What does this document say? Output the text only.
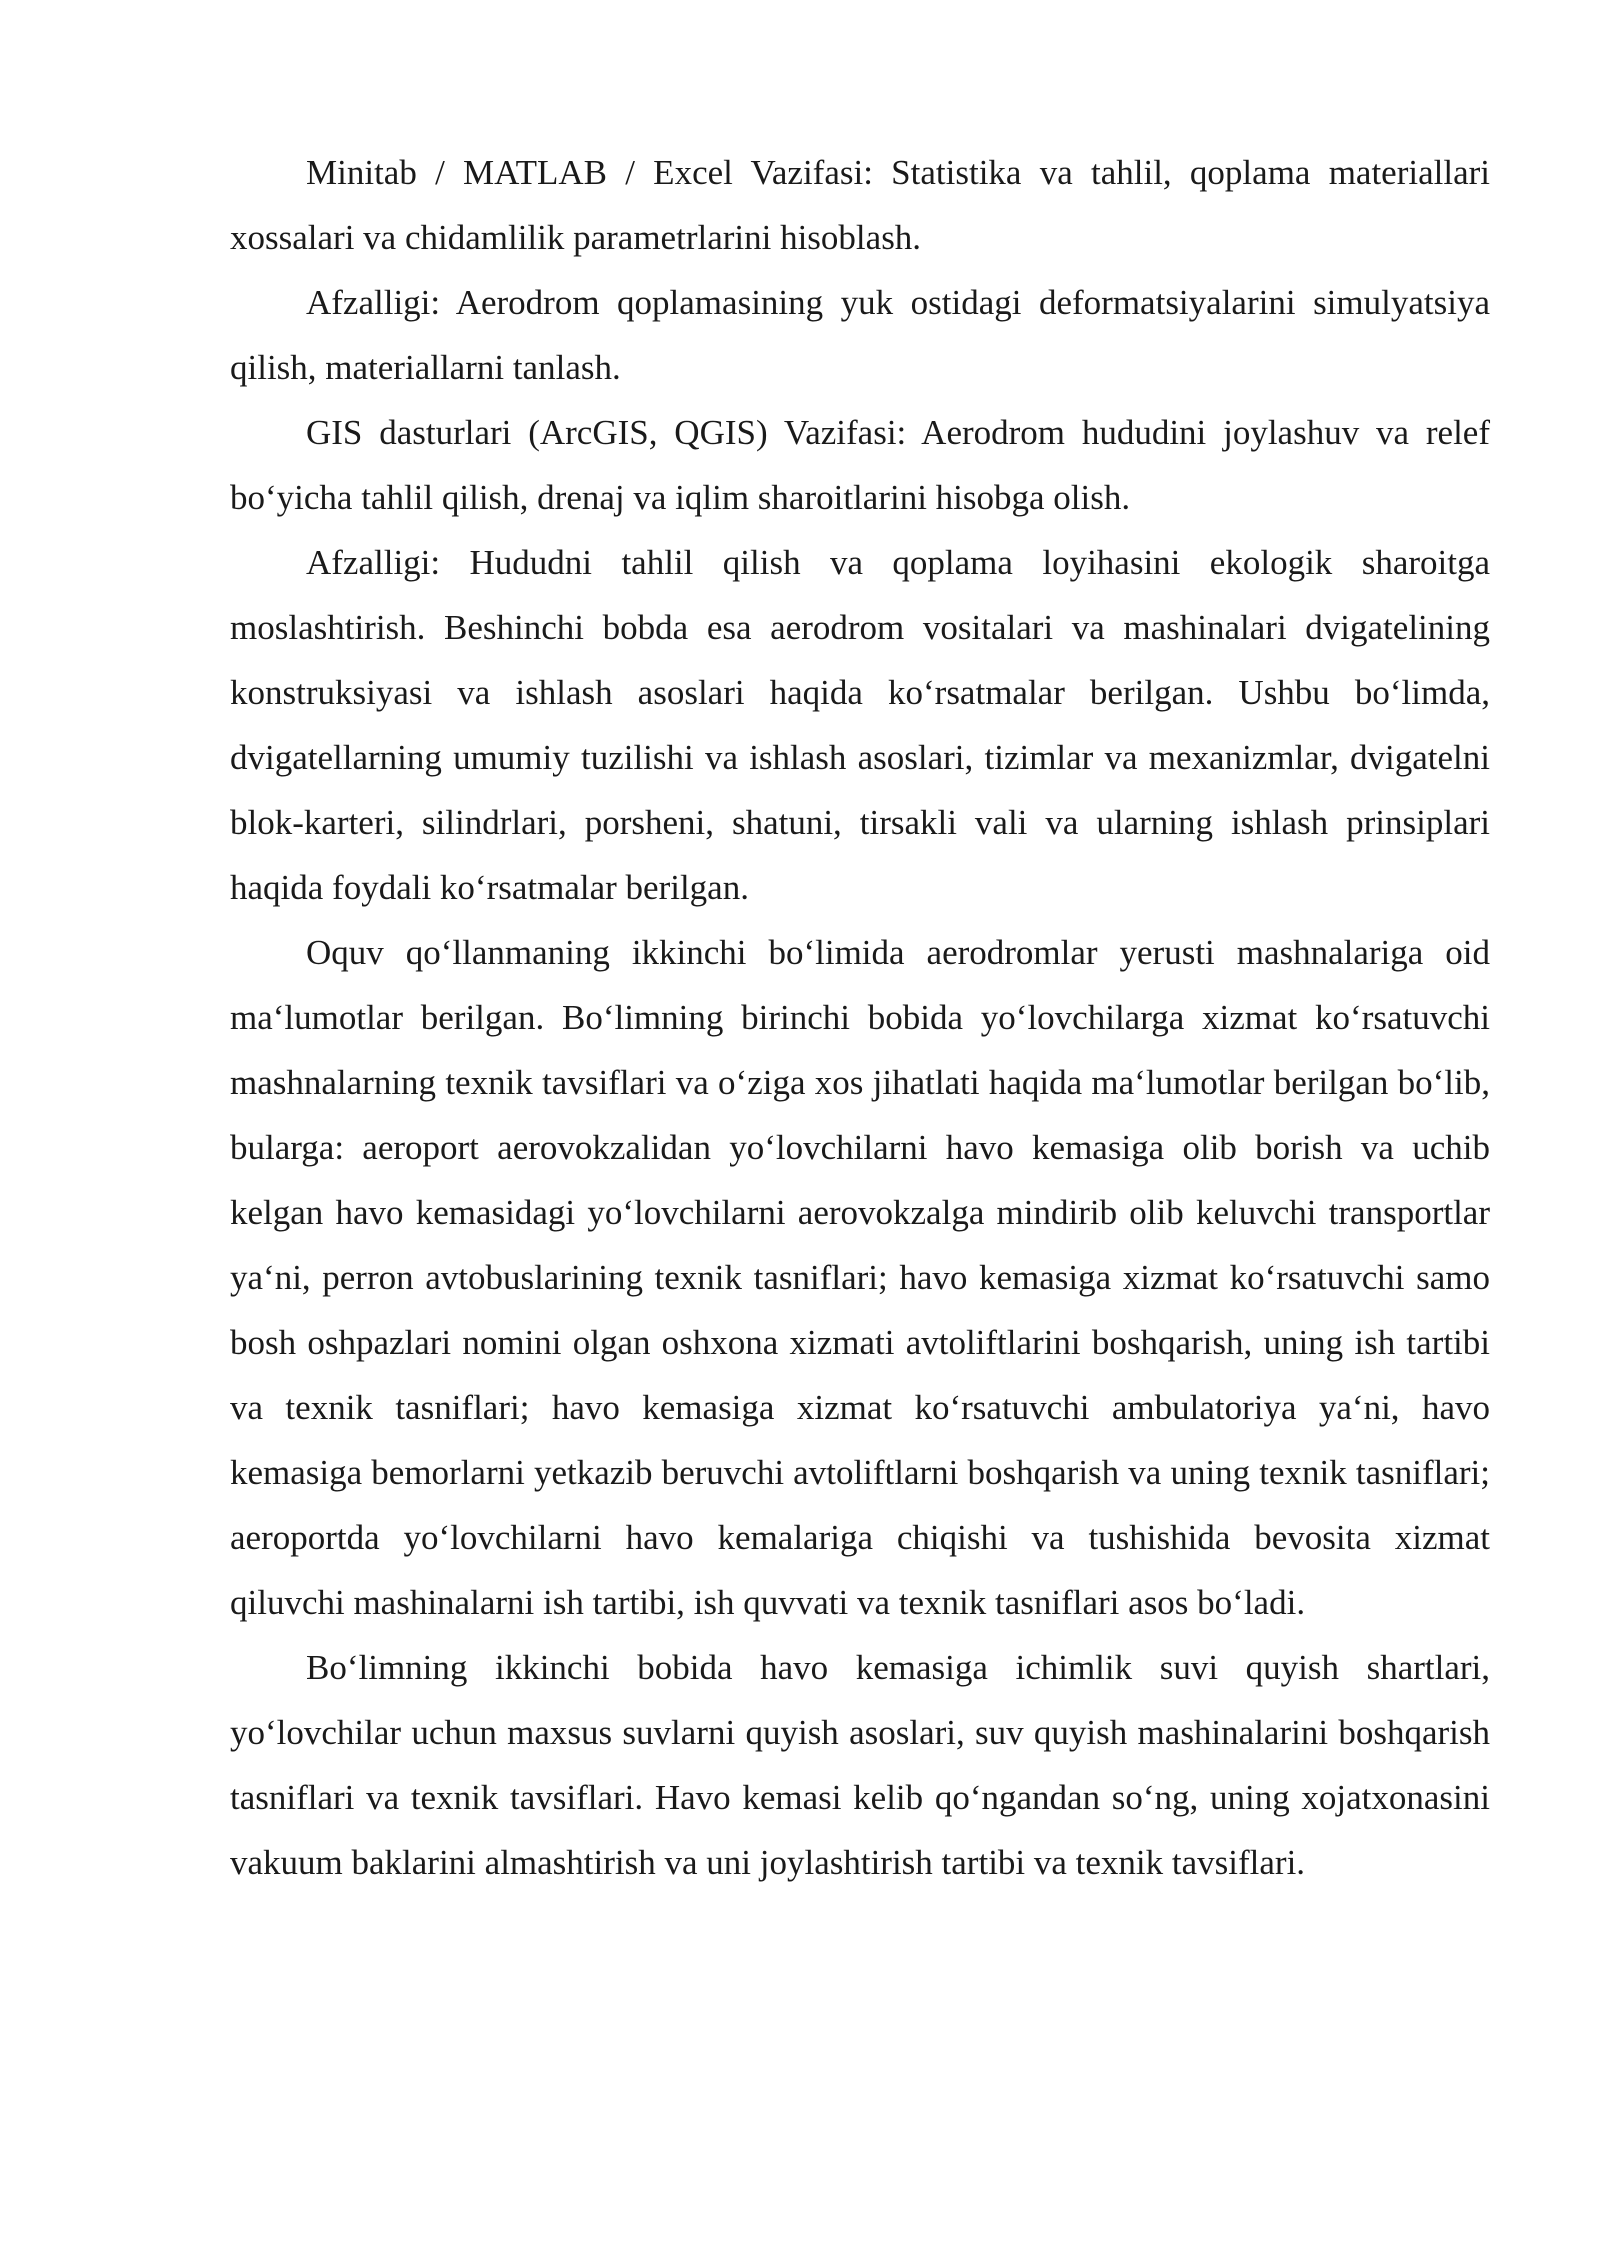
Minitab / MATLAB / Excel Vazifasi: Statistika va tahlil, qoplama materiallari xossalari va chidamlilik parametrlarini hisoblash.

Afzalligi: Aerodrom qoplamasining yuk ostidagi deformatsiyalarini simulyatsiya qilish, materiallarni tanlash.

GIS dasturlari (ArcGIS, QGIS) Vazifasi: Aerodrom hududini joylashuv va relef bo‘yicha tahlil qilish, drenaj va iqlim sharoitlarini hisobga olish.

Afzalligi: Hududni tahlil qilish va qoplama loyihasini ekologik sharoitga moslashtirish. Beshinchi bobda esa aerodrom vositalari va mashinalari dvigatelining konstruksiyasi va ishlash asoslari haqida ko‘rsatmalar berilgan. Ushbu bo‘limda, dvigatellarning umumiy tuzilishi va ishlash asoslari, tizimlar va mexanizmlar, dvigatelni blok-karteri, silindrlari, porsheni, shatuni, tirsakli vali va ularning ishlash prinsiplari haqida foydali ko‘rsatmalar berilgan.

Oquv qo‘llanmaning ikkinchi bo‘limida aerodromlar yerusti mashnalariga oid ma‘lumotlar berilgan. Bo‘limning birinchi bobida yo‘lovchilarga xizmat ko‘rsatuvchi mashnalarning texnik tavsiflari va o‘ziga xos jihatlati haqida ma‘lumotlar berilgan bo‘lib, bularga: aeroport aerovokzalidan yo‘lovchilarni havo kemasiga olib borish va uchib kelgan havo kemasidagi yo‘lovchilarni aerovokzalga mindirib olib keluvchi transportlar ya‘ni, perron avtobuslarining texnik tasniflari; havo kemasiga xizmat ko‘rsatuvchi samo bosh oshpazlari nomini olgan oshxona xizmati avtoliftlarini boshqarish, uning ish tartibi va texnik tasniflari; havo kemasiga xizmat ko‘rsatuvchi ambulatoriya ya‘ni, havo kemasiga bemorlarni yetkazib beruvchi avtoliftlarni boshqarish va uning texnik tasniflari; aeroportda yo‘lovchilarni havo kemalariga chiqishi va tushishida bevosita xizmat qiluvchi mashinalarni ish tartibi, ish quvvati va texnik tasniflari asos bo‘ladi.

Bo‘limning ikkinchi bobida havo kemasiga ichimlik suvi quyish shartlari, yo‘lovchilar uchun maxsus suvlarni quyish asoslari, suv quyish mashinalarini boshqarish tasniflari va texnik tavsiflari. Havo kemasi kelib qo‘ngandan so‘ng, uning xojatxonasini vakuum baklarini almashtirish va uni joylashtirish tartibi va texnik tavsiflari.
